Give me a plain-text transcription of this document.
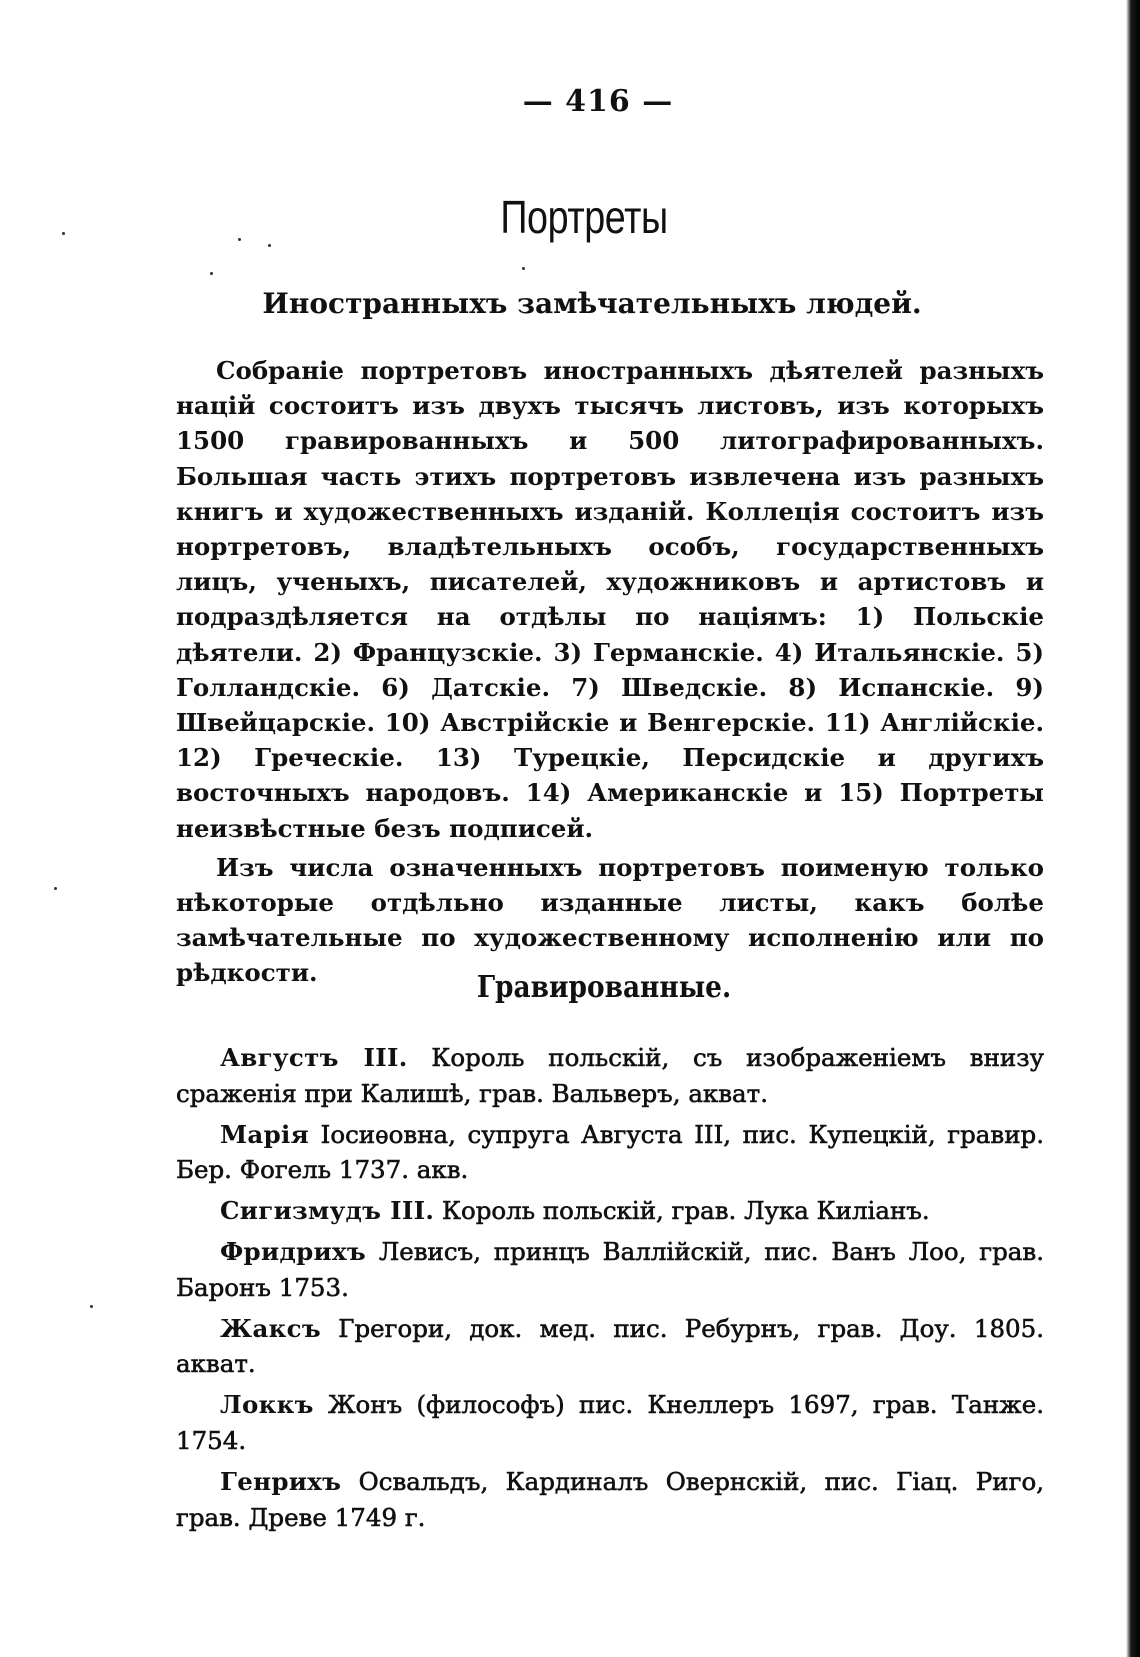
— 416 —
Портреты
Иностранныхъ замѣчательныхъ людей.

Собраніе портретовъ иностранныхъ дѣятелей разныхъ націй состоитъ изъ двухъ тысячъ листовъ, изъ которыхъ 1500 гравированныхъ и 500 литографированныхъ. Большая часть этихъ портретовъ извлечена изъ разныхъ книгъ и художественныхъ изданій. Коллеція состоитъ изъ нортретовъ, владѣтельныхъ особъ, государственныхъ лицъ, ученыхъ, писателей, художниковъ и артистовъ и подраздѣляется на отдѣлы по націямъ: 1) Польскіе дѣятели. 2) Французскіе. 3) Германскіе. 4) Итальянскіе. 5) Голландскіе. 6) Датскіе. 7) Шведскіе. 8) Испанскіе. 9) Швейцарскіе. 10) Австрійскіе и Венгерскіе. 11) Англійскіе. 12) Греческіе. 13) Турецкіе, Персидскіе и другихъ восточныхъ народовъ. 14) Американскіе и 15) Портреты неизвѣстные безъ подписей.

Изъ числа означенныхъ портретовъ поименую только нѣкоторые отдѣльно изданные листы, какъ болѣе замѣчательные по художественному исполненію или по рѣдкости.	Гравированные.

Августъ III. Король польскій, съ изображеніемъ внизу сраженія при Калишѣ, грав. Вальверъ, акват.

Марія Іосиѳовна, супруга Августа III, пис. Купецкій, гравир. Бер. Фогель 1737. акв.

Сигизмудъ III. Король польскій, грав. Лука Киліанъ.

Фридрихъ Левисъ, принцъ Валлійскій, пис. Ванъ Лоо, грав. Баронъ 1753.

Жаксъ Грегори, док. мед. пис. Ребурнъ, грав. Доу. 1805. акват.

Локкъ Жонъ (философъ) пис. Кнеллеръ 1697, грав. Танже. 1754.

Генрихъ Освальдъ, Кардиналъ Овернскій, пис. Гіац. Риго, грав. Древе 1749 г.
